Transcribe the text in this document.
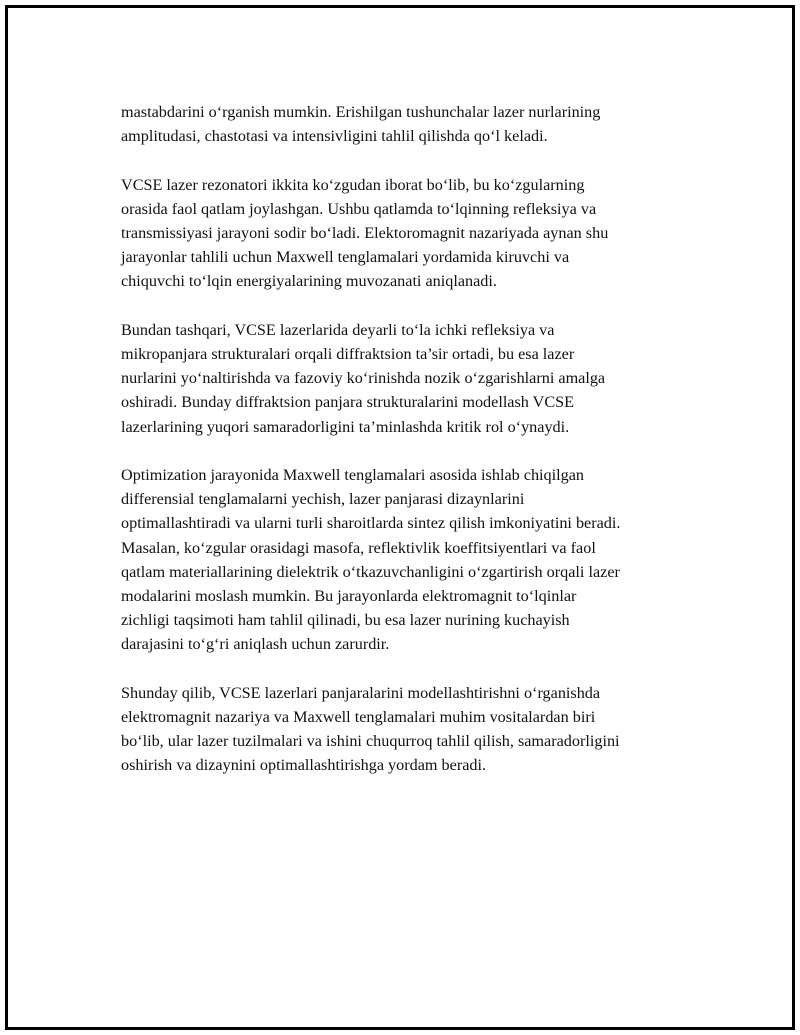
mastabdarini o‘rganish mumkin. Erishilgan tushunchalar lazer nurlarining
amplitudasi, chastotasi va intensivligini tahlil qilishda qo‘l keladi.

VCSE lazer rezonatori ikkita ko‘zgudan iborat bo‘lib, bu ko‘zgularning
orasida faol qatlam joylashgan. Ushbu qatlamda to‘lqinning refleksiya va
transmissiyasi jarayoni sodir bo‘ladi. Elektoromagnit nazariyada aynan shu
jarayonlar tahlili uchun Maxwell tenglamalari yordamida kiruvchi va
chiquvchi to‘lqin energiyalarining muvozanati aniqlanadi.

Bundan tashqari, VCSE lazerlarida deyarli to‘la ichki refleksiya va
mikropanjara strukturalari orqali diffraktsion ta’sir ortadi, bu esa lazer
nurlarini yo‘naltirishda va fazoviy ko‘rinishda nozik o‘zgarishlarni amalga
oshiradi. Bunday diffraktsion panjara strukturalarini modellash VCSE
lazerlarining yuqori samaradorligini ta’minlashda kritik rol o‘ynaydi.

Optimization jarayonida Maxwell tenglamalari asosida ishlab chiqilgan
differensial tenglamalarni yechish, lazer panjarasi dizaynlarini
optimallashtiradi va ularni turli sharoitlarda sintez qilish imkoniyatini beradi.
Masalan, ko‘zgular orasidagi masofa, reflektivlik koeffitsiyentlari va faol
qatlam materiallarining dielektrik o‘tkazuvchanligini o‘zgartirish orqali lazer
modalarini moslash mumkin. Bu jarayonlarda elektromagnit to‘lqinlar
zichligi taqsimoti ham tahlil qilinadi, bu esa lazer nurining kuchayish
darajasini to‘g‘ri aniqlash uchun zarurdir.

Shunday qilib, VCSE lazerlari panjaralarini modellashtirishni o‘rganishda
elektromagnit nazariya va Maxwell tenglamalari muhim vositalardan biri
bo‘lib, ular lazer tuzilmalari va ishini chuqurroq tahlil qilish, samaradorligini
oshirish va dizaynini optimallashtirishga yordam beradi.
